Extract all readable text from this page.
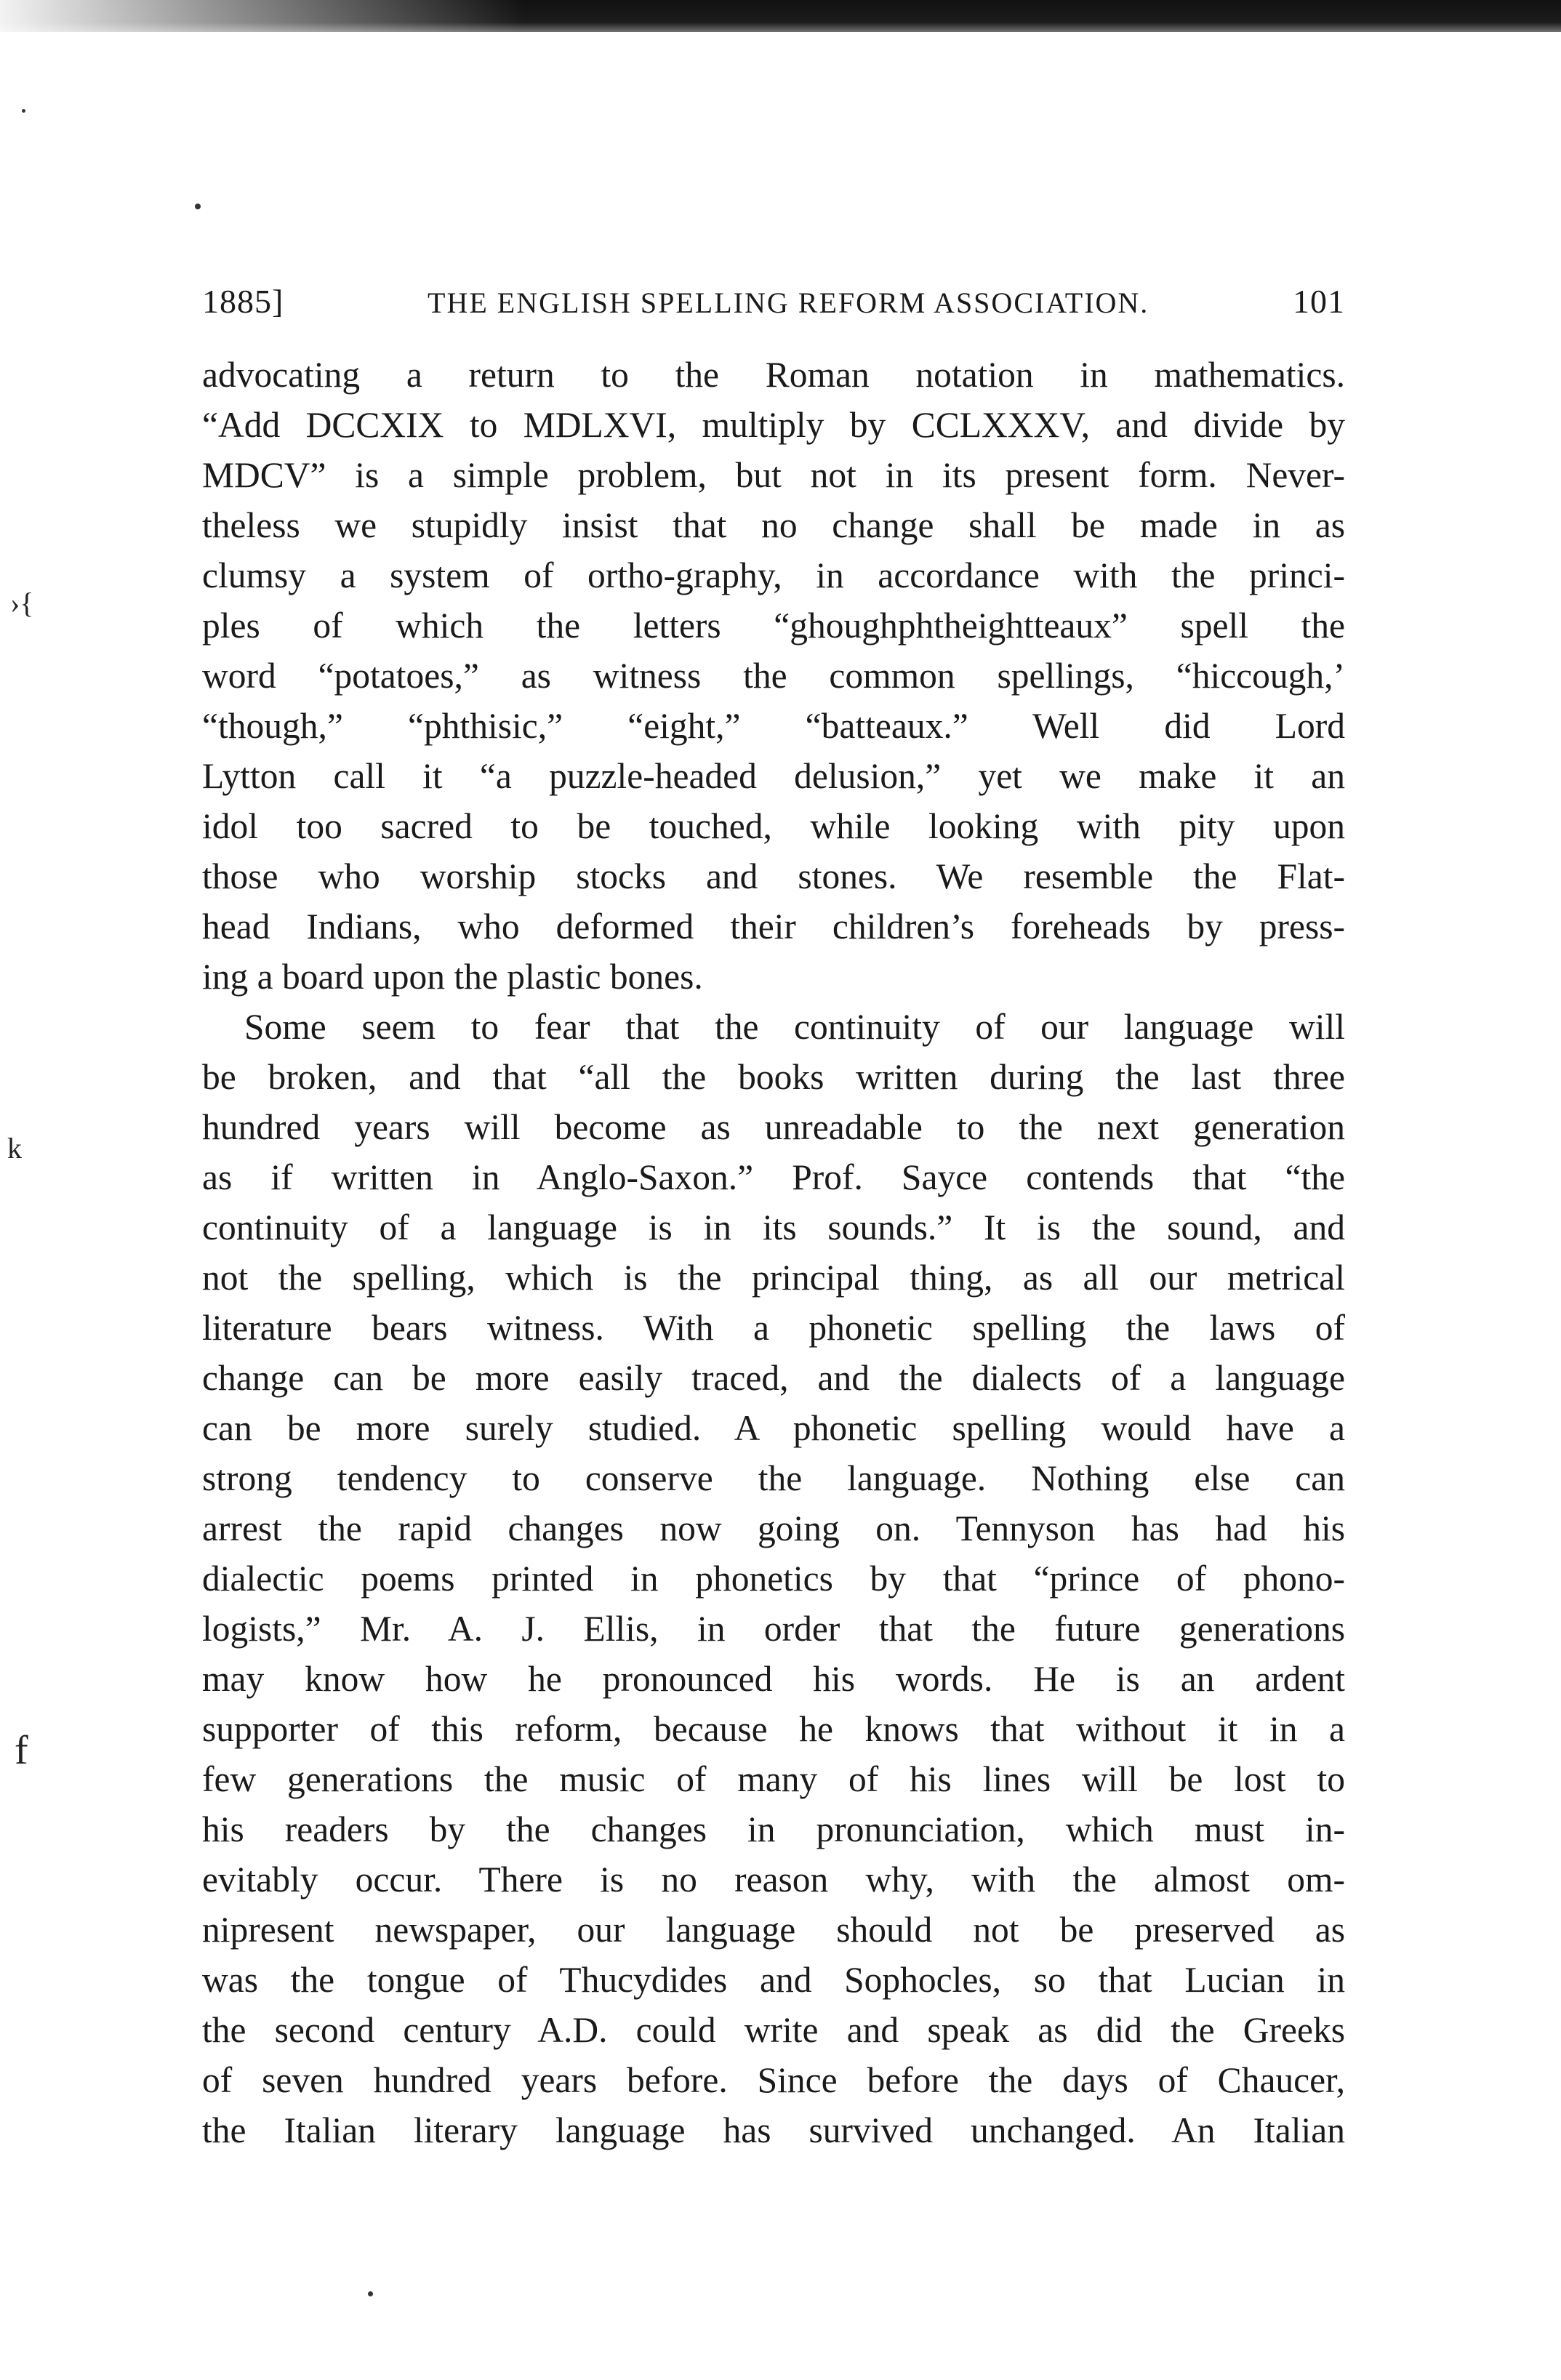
›{
k
f
1885]	THE ENGLISH SPELLING REFORM ASSOCIATION.	101
advocating a return to the Roman notation in mathematics.
“Add DCCXIX to MDLXVI, multiply by CCLXXXV, and divide by
MDCV” is a simple problem, but not in its present form. Never-
theless we stupidly insist that no change shall be made in as
clumsy a system of ortho-graphy, in accordance with the princi-
ples of which the letters “ghoughphtheightteaux” spell the
word “potatoes,” as witness the common spellings, “hiccough,’
“though,” “phthisic,” “eight,” “batteaux.” Well did Lord
Lytton call it “a puzzle-headed delusion,” yet we make it an
idol too sacred to be touched, while looking with pity upon
those who worship stocks and stones. We resemble the Flat-
head Indians, who deformed their children’s foreheads by press-
ing a board upon the plastic bones.
Some seem to fear that the continuity of our language will
be broken, and that “all the books written during the last three
hundred years will become as unreadable to the next generation
as if written in Anglo-Saxon.” Prof. Sayce contends that “the
continuity of a language is in its sounds.” It is the sound, and
not the spelling, which is the principal thing, as all our metrical
literature bears witness. With a phonetic spelling the laws of
change can be more easily traced, and the dialects of a language
can be more surely studied. A phonetic spelling would have a
strong tendency to conserve the language. Nothing else can
arrest the rapid changes now going on. Tennyson has had his
dialectic poems printed in phonetics by that “prince of phono-
logists,” Mr. A. J. Ellis, in order that the future generations
may know how he pronounced his words. He is an ardent
supporter of this reform, because he knows that without it in a
few generations the music of many of his lines will be lost to
his readers by the changes in pronunciation, which must in-
evitably occur. There is no reason why, with the almost om-
nipresent newspaper, our language should not be preserved as
was the tongue of Thucydides and Sophocles, so that Lucian in
the second century A.D. could write and speak as did the Greeks
of seven hundred years before. Since before the days of Chaucer,
the Italian literary language has survived unchanged. An Italian
